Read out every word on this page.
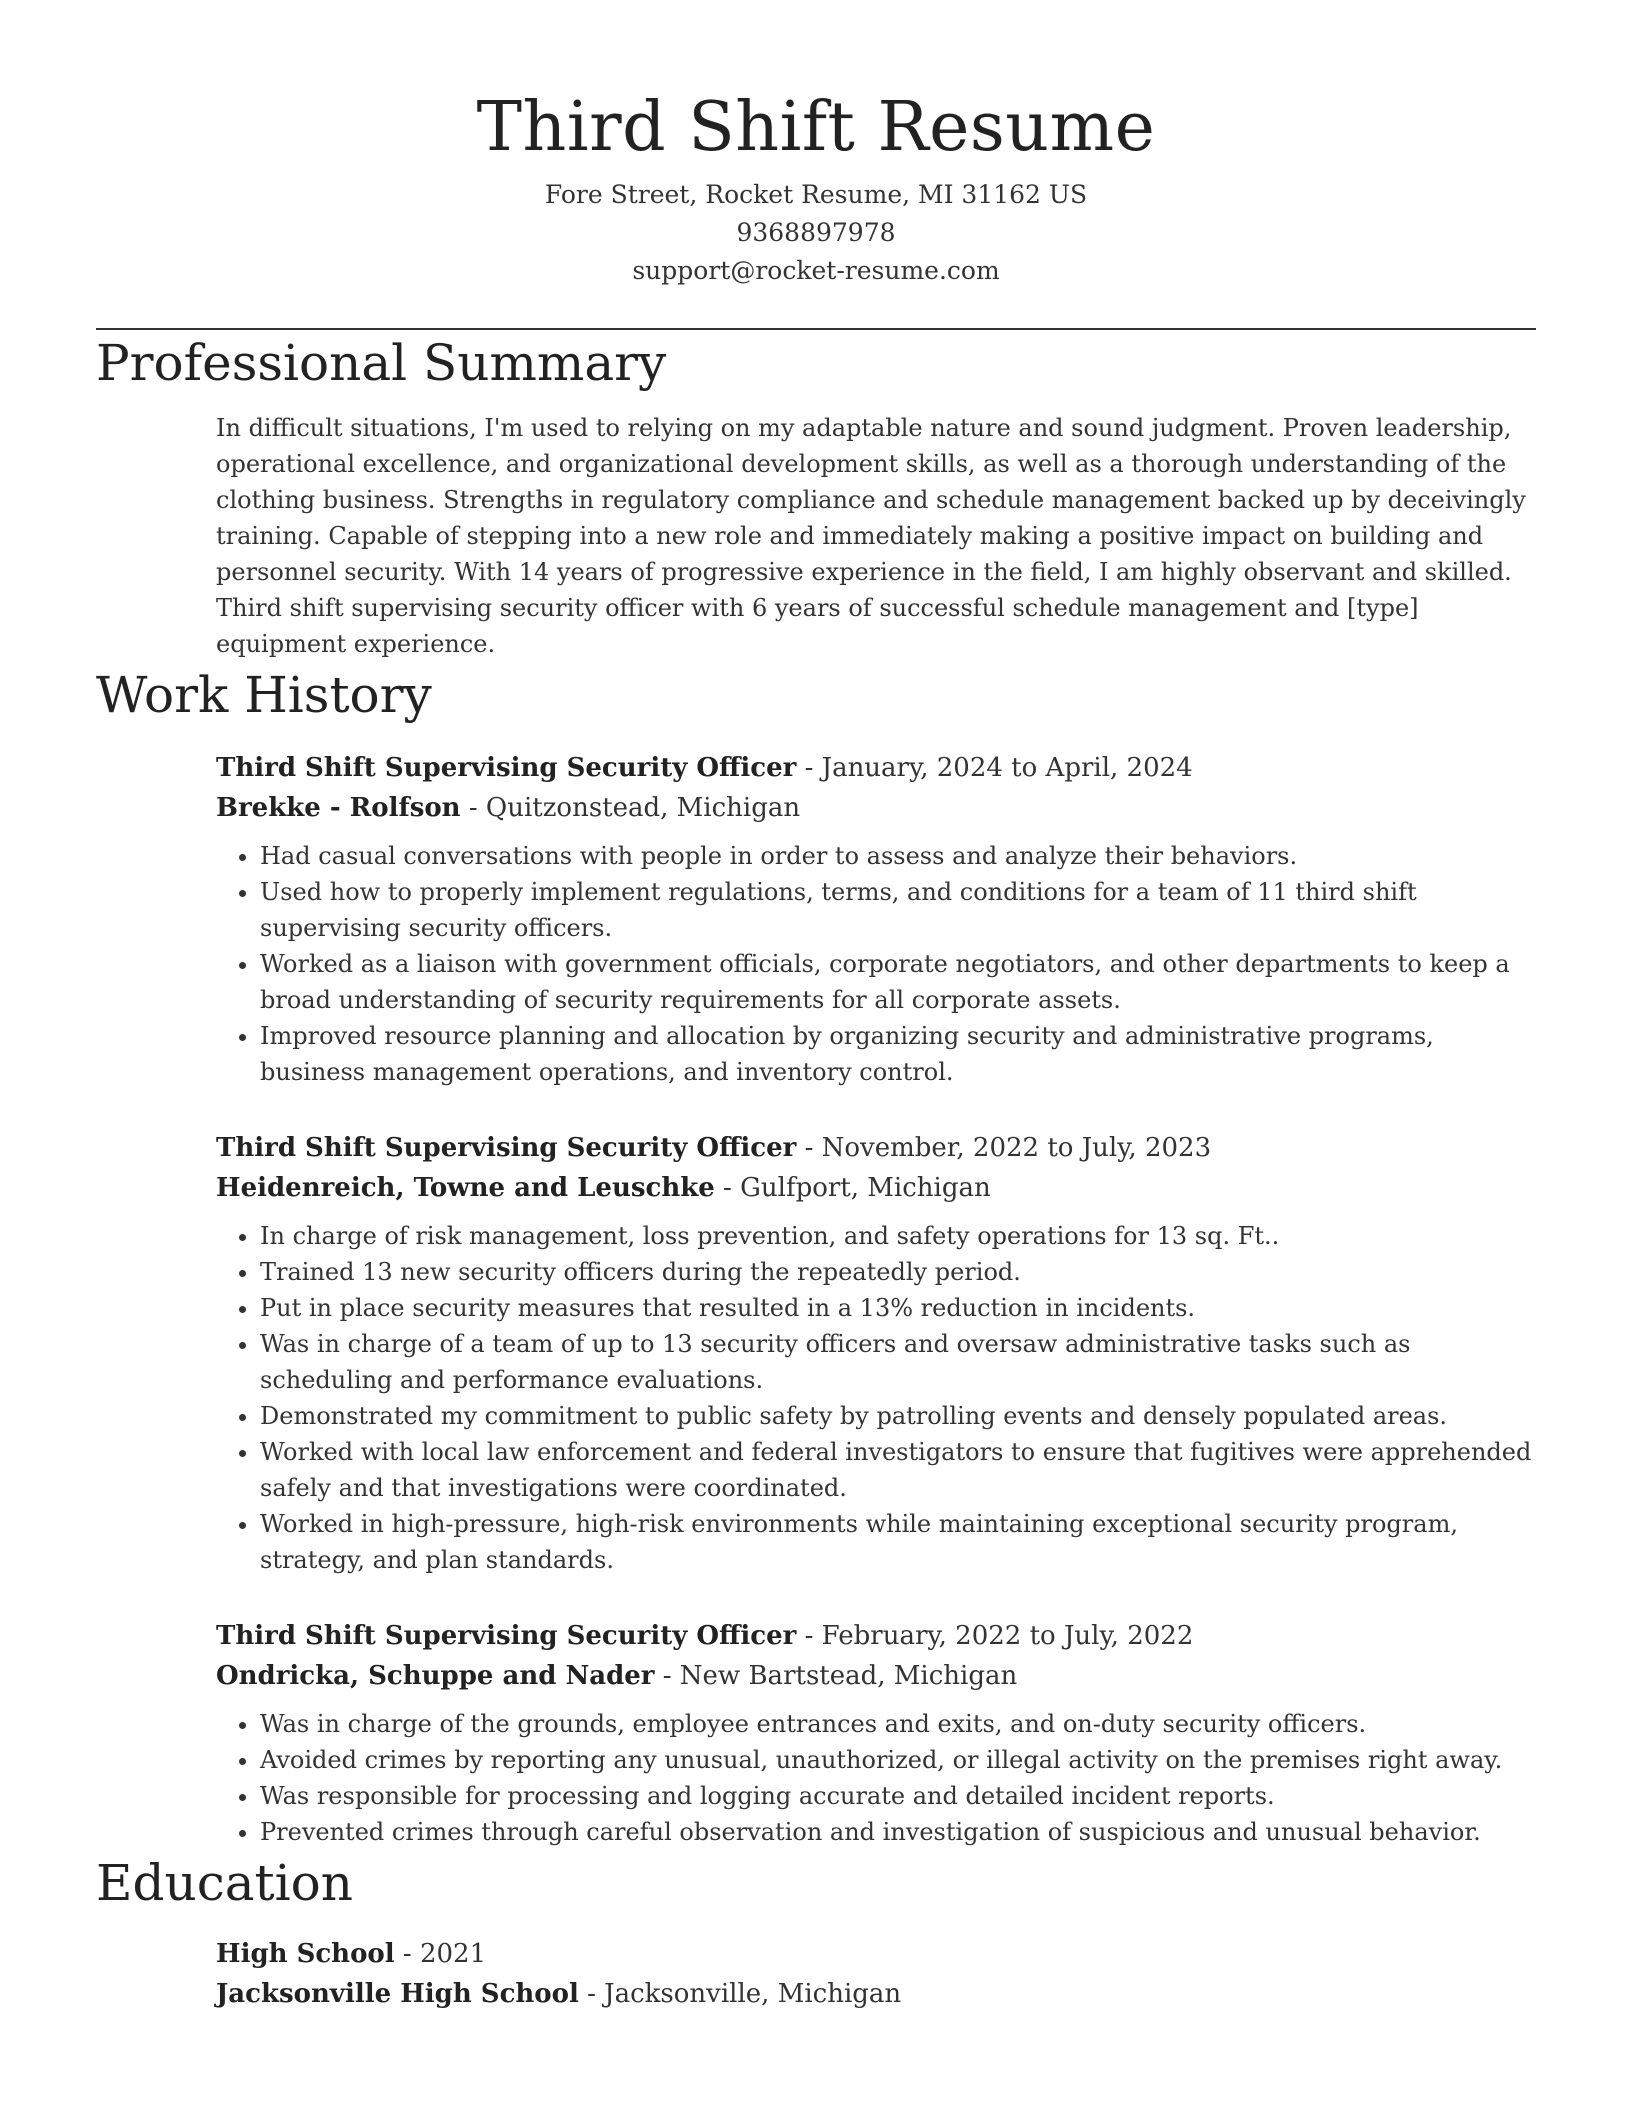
Third Shift Resume
Fore Street, Rocket Resume, MI 31162 US
9368897978
support@rocket-resume.com
Professional Summary
In difficult situations, I'm used to relying on my adaptable nature and sound judgment. Proven leadership, operational excellence, and organizational development skills, as well as a thorough understanding of the clothing business. Strengths in regulatory compliance and schedule management backed up by deceivingly training. Capable of stepping into a new role and immediately making a positive impact on building and personnel security. With 14 years of progressive experience in the field, I am highly observant and skilled. Third shift supervising security officer with 6 years of successful schedule management and [type] equipment experience.
Work History
Third Shift Supervising Security Officer - January, 2024 to April, 2024
Brekke - Rolfson - Quitzonstead, Michigan
• Had casual conversations with people in order to assess and analyze their behaviors.
• Used how to properly implement regulations, terms, and conditions for a team of 11 third shift supervising security officers.
• Worked as a liaison with government officials, corporate negotiators, and other departments to keep a broad understanding of security requirements for all corporate assets.
• Improved resource planning and allocation by organizing security and administrative programs, business management operations, and inventory control.
Third Shift Supervising Security Officer - November, 2022 to July, 2023
Heidenreich, Towne and Leuschke - Gulfport, Michigan
• In charge of risk management, loss prevention, and safety operations for 13 sq. Ft..
• Trained 13 new security officers during the repeatedly period.
• Put in place security measures that resulted in a 13% reduction in incidents.
• Was in charge of a team of up to 13 security officers and oversaw administrative tasks such as scheduling and performance evaluations.
• Demonstrated my commitment to public safety by patrolling events and densely populated areas.
• Worked with local law enforcement and federal investigators to ensure that fugitives were apprehended safely and that investigations were coordinated.
• Worked in high-pressure, high-risk environments while maintaining exceptional security program, strategy, and plan standards.
Third Shift Supervising Security Officer - February, 2022 to July, 2022
Ondricka, Schuppe and Nader - New Bartstead, Michigan
• Was in charge of the grounds, employee entrances and exits, and on-duty security officers.
• Avoided crimes by reporting any unusual, unauthorized, or illegal activity on the premises right away.
• Was responsible for processing and logging accurate and detailed incident reports.
• Prevented crimes through careful observation and investigation of suspicious and unusual behavior.
Education
High School - 2021
Jacksonville High School - Jacksonville, Michigan
